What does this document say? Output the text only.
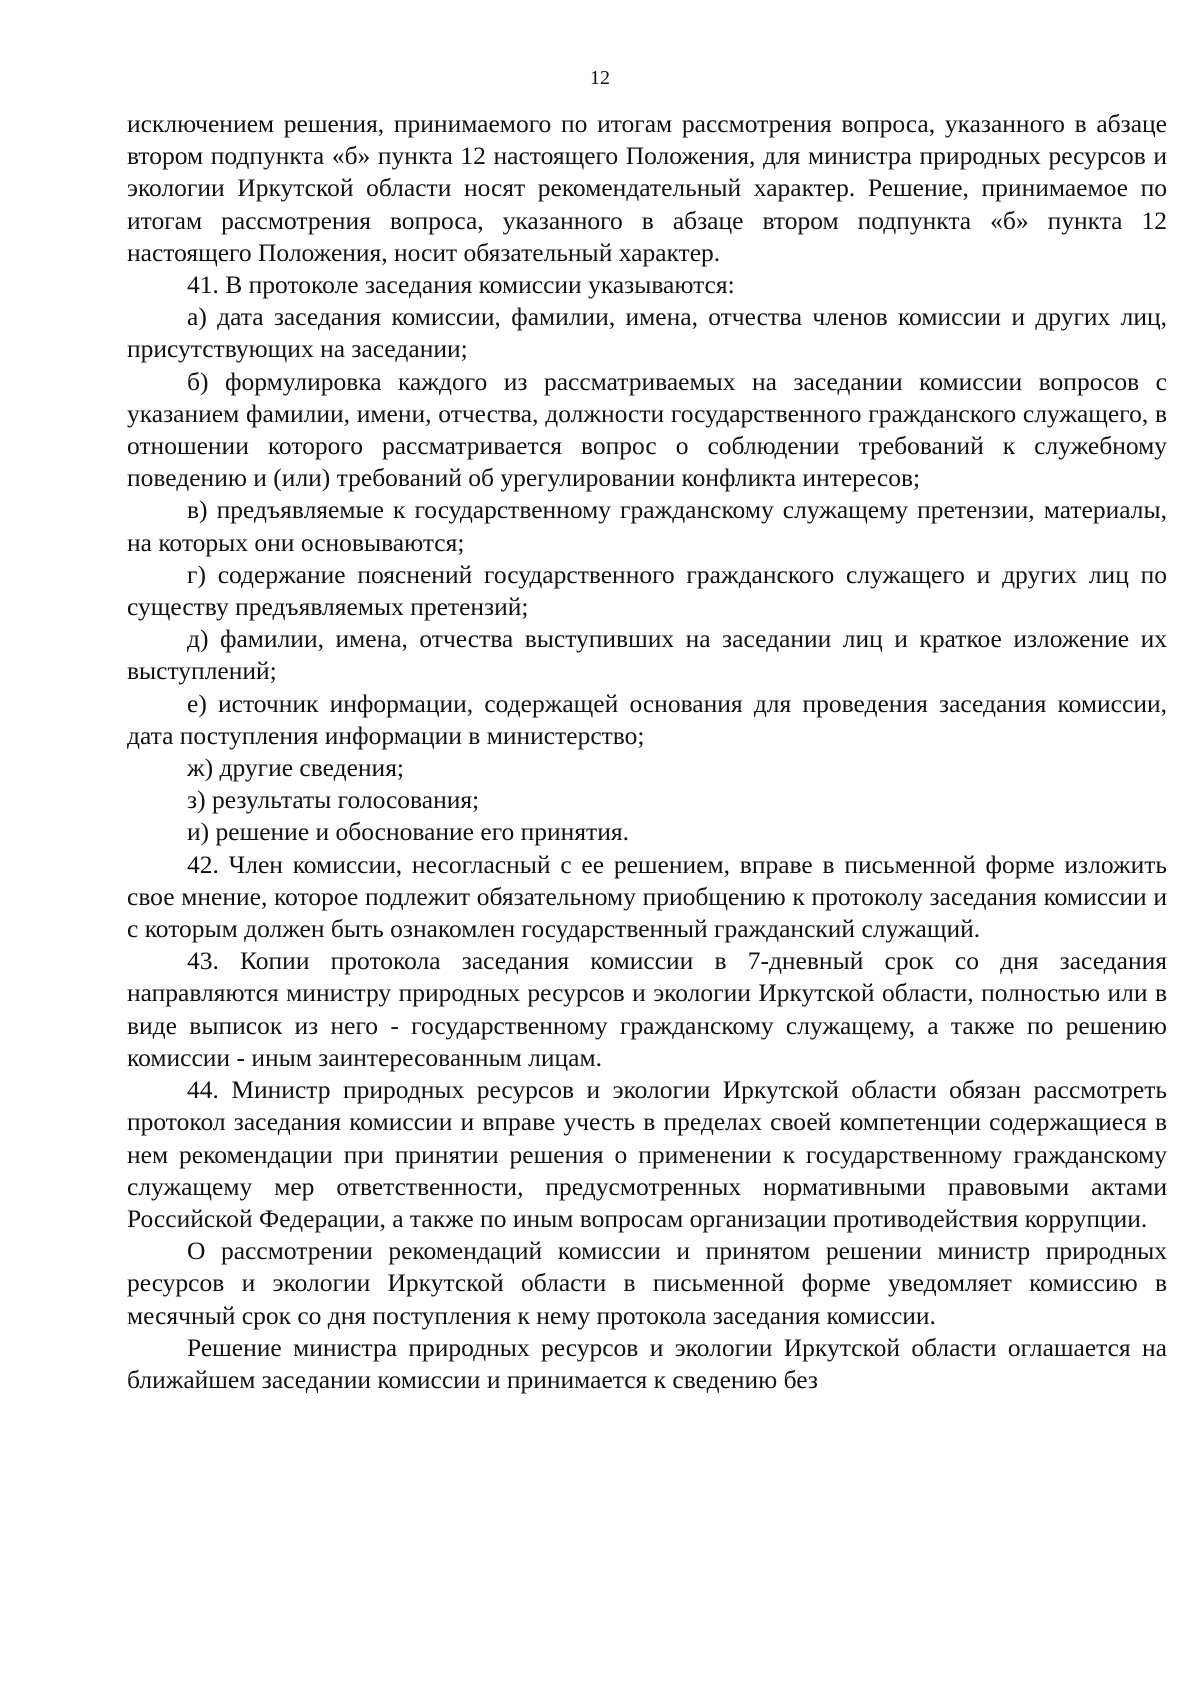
12

исключением решения, принимаемого по итогам рассмотрения вопроса, указанного в абзаце втором подпункта «б» пункта 12 настоящего Положения, для министра природных ресурсов и экологии Иркутской области носят рекомендательный характер. Решение, принимаемое по итогам рассмотрения вопроса, указанного в абзаце втором подпункта «б» пункта 12 настоящего Положения, носит обязательный характер.

41. В протоколе заседания комиссии указываются:

а) дата заседания комиссии, фамилии, имена, отчества членов комиссии и других лиц, присутствующих на заседании;

б) формулировка каждого из рассматриваемых на заседании комиссии вопросов с указанием фамилии, имени, отчества, должности государственного гражданского служащего, в отношении которого рассматривается вопрос о соблюдении требований к служебному поведению и (или) требований об урегулировании конфликта интересов;

в) предъявляемые к государственному гражданскому служащему претензии, материалы, на которых они основываются;

г) содержание пояснений государственного гражданского служащего и других лиц по существу предъявляемых претензий;

д) фамилии, имена, отчества выступивших на заседании лиц и краткое изложение их выступлений;

е) источник информации, содержащей основания для проведения заседания комиссии, дата поступления информации в министерство;

ж) другие сведения;

з) результаты голосования;

и) решение и обоснование его принятия.

42. Член комиссии, несогласный с ее решением, вправе в письменной форме изложить свое мнение, которое подлежит обязательному приобщению к протоколу заседания комиссии и с которым должен быть ознакомлен государственный гражданский служащий.

43. Копии протокола заседания комиссии в 7-дневный срок со дня заседания направляются министру природных ресурсов и экологии Иркутской области, полностью или в виде выписок из него - государственному гражданскому служащему, а также по решению комиссии - иным заинтересованным лицам.

44. Министр природных ресурсов и экологии Иркутской области обязан рассмотреть протокол заседания комиссии и вправе учесть в пределах своей компетенции содержащиеся в нем рекомендации при принятии решения о применении к государственному гражданскому служащему мер ответственности, предусмотренных нормативными правовыми актами Российской Федерации, а также по иным вопросам организации противодействия коррупции.

О рассмотрении рекомендаций комиссии и принятом решении министр природных ресурсов и экологии Иркутской области в письменной форме уведомляет комиссию в месячный срок со дня поступления к нему протокола заседания комиссии.

Решение министра природных ресурсов и экологии Иркутской области оглашается на ближайшем заседании комиссии и принимается к сведению без
